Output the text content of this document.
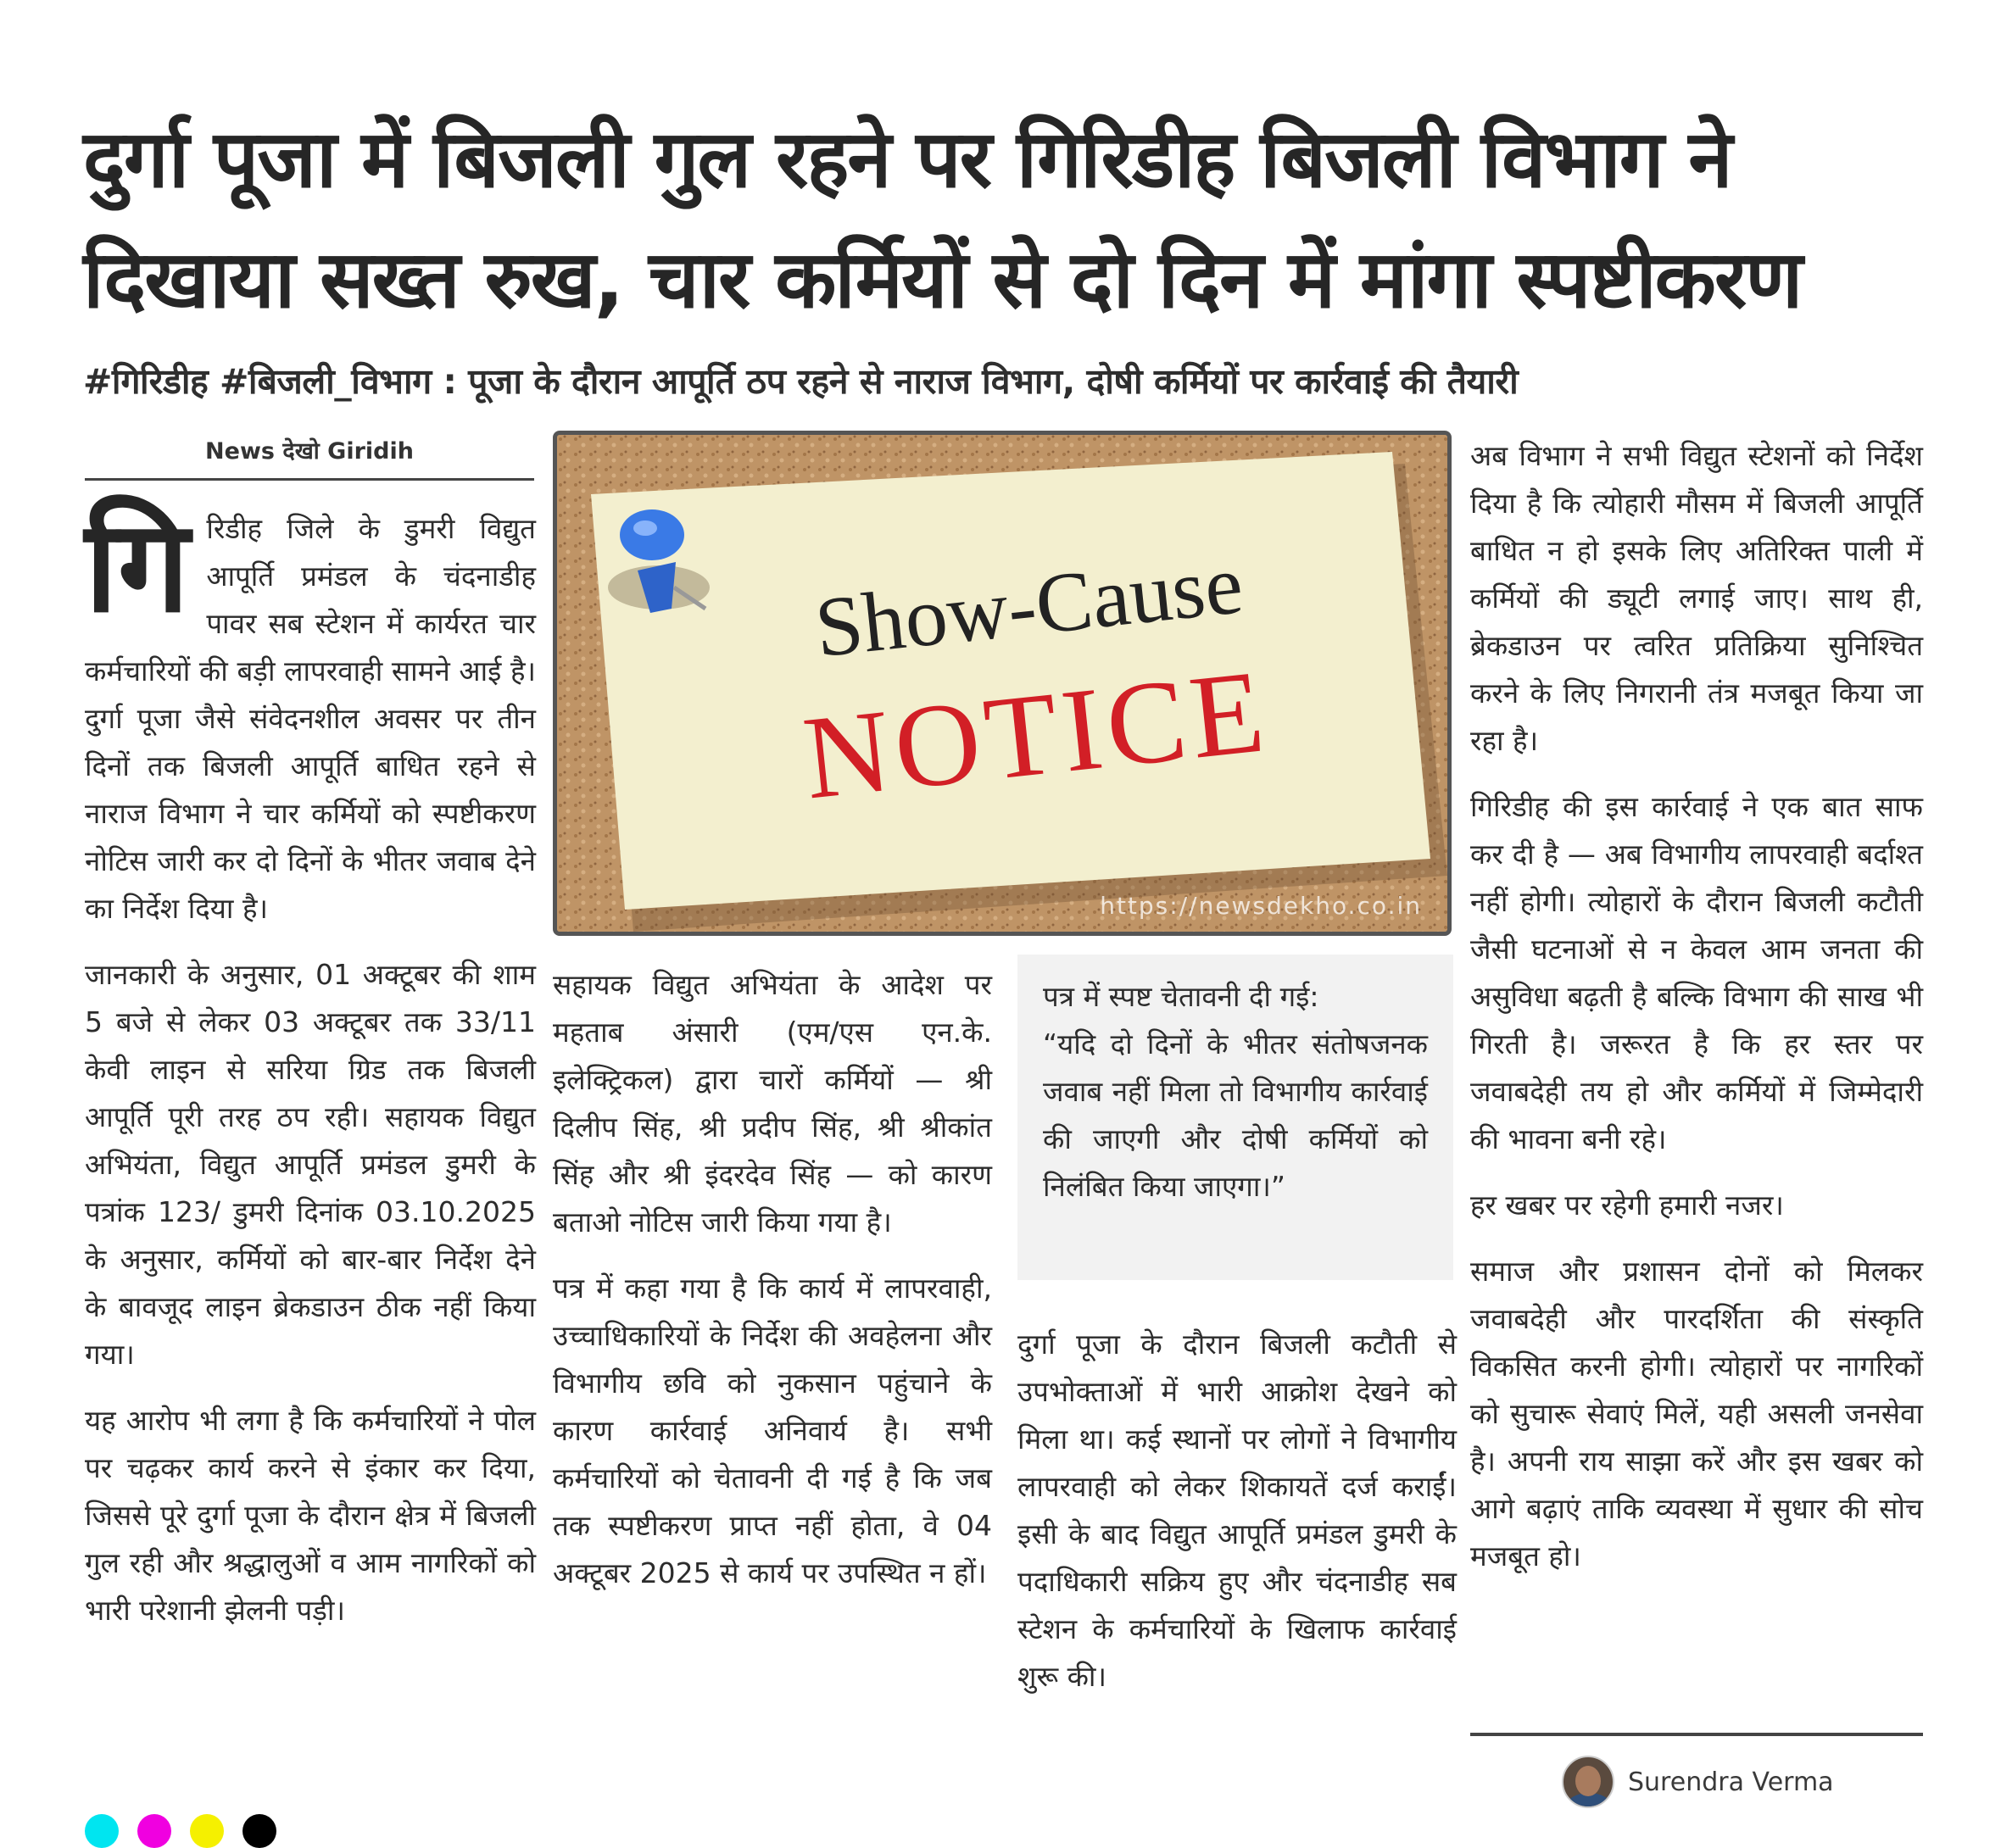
दुर्गा पूजा में बिजली गुल रहने पर गिरिडीह बिजली विभाग ने
दिखाया सख्त रुख, चार कर्मियों से दो दिन में मांगा स्पष्टीकरण
#गिरिडीह #बिजली_विभाग : पूजा के दौरान आपूर्ति ठप रहने से नाराज विभाग, दोषी कर्मियों पर कार्रवाई की तैयारी
News देखो Giridih

गिरिडीह जिले के डुमरी विद्युत आपूर्ति प्रमंडल के चंदनाडीह पावर सब स्टेशन में कार्यरत चार कर्मचारियों की बड़ी लापरवाही सामने आई है। दुर्गा पूजा जैसे संवेदनशील अवसर पर तीन दिनों तक बिजली आपूर्ति बाधित रहने से नाराज विभाग ने चार कर्मियों को स्पष्टीकरण नोटिस जारी कर दो दिनों के भीतर जवाब देने का निर्देश दिया है।

जानकारी के अनुसार, 01 अक्टूबर की शाम 5 बजे से लेकर 03 अक्टूबर तक 33/11 केवी लाइन से सरिया ग्रिड तक बिजली आपूर्ति पूरी तरह ठप रही। सहायक विद्युत अभियंता, विद्युत आपूर्ति प्रमंडल डुमरी के पत्रांक 123/ डुमरी दिनांक 03.10.2025 के अनुसार, कर्मियों को बार-बार निर्देश देने के बावजूद लाइन ब्रेकडाउन ठीक नहीं किया गया।

यह आरोप भी लगा है कि कर्मचारियों ने पोल पर चढ़कर कार्य करने से इंकार कर दिया, जिससे पूरे दुर्गा पूजा के दौरान क्षेत्र में बिजली गुल रही और श्रद्धालुओं व आम नागरिकों को भारी परेशानी झेलनी पड़ी।

Show-Cause
NOTICE
https://newsdekho.co.in

सहायक विद्युत अभियंता के आदेश पर महताब अंसारी (एम/एस एन.के. इलेक्ट्रिकल) द्वारा चारों कर्मियों — श्री दिलीप सिंह, श्री प्रदीप सिंह, श्री श्रीकांत सिंह और श्री इंदरदेव सिंह — को कारण बताओ नोटिस जारी किया गया है।

पत्र में कहा गया है कि कार्य में लापरवाही, उच्चाधिकारियों के निर्देश की अवहेलना और विभागीय छवि को नुकसान पहुंचाने के कारण कार्रवाई अनिवार्य है। सभी कर्मचारियों को चेतावनी दी गई है कि जब तक स्पष्टीकरण प्राप्त नहीं होता, वे 04 अक्टूबर 2025 से कार्य पर उपस्थित न हों।

पत्र में स्पष्ट चेतावनी दी गई:

“यदि दो दिनों के भीतर संतोषजनक जवाब नहीं मिला तो विभागीय कार्रवाई की जाएगी और दोषी कर्मियों को निलंबित किया जाएगा।”

दुर्गा पूजा के दौरान बिजली कटौती से उपभोक्ताओं में भारी आक्रोश देखने को मिला था। कई स्थानों पर लोगों ने विभागीय लापरवाही को लेकर शिकायतें दर्ज कराईं। इसी के बाद विद्युत आपूर्ति प्रमंडल डुमरी के पदाधिकारी सक्रिय हुए और चंदनाडीह सब स्टेशन के कर्मचारियों के खिलाफ कार्रवाई शुरू की।

अब विभाग ने सभी विद्युत स्टेशनों को निर्देश दिया है कि त्योहारी मौसम में बिजली आपूर्ति बाधित न हो इसके लिए अतिरिक्त पाली में कर्मियों की ड्यूटी लगाई जाए। साथ ही, ब्रेकडाउन पर त्वरित प्रतिक्रिया सुनिश्चित करने के लिए निगरानी तंत्र मजबूत किया जा रहा है।

गिरिडीह की इस कार्रवाई ने एक बात साफ कर दी है — अब विभागीय लापरवाही बर्दाश्त नहीं होगी। त्योहारों के दौरान बिजली कटौती जैसी घटनाओं से न केवल आम जनता की असुविधा बढ़ती है बल्कि विभाग की साख भी गिरती है। जरूरत है कि हर स्तर पर जवाबदेही तय हो और कर्मियों में जिम्मेदारी की भावना बनी रहे।

हर खबर पर रहेगी हमारी नजर।

समाज और प्रशासन दोनों को मिलकर जवाबदेही और पारदर्शिता की संस्कृति विकसित करनी होगी। त्योहारों पर नागरिकों को सुचारू सेवाएं मिलें, यही असली जनसेवा है। अपनी राय साझा करें और इस खबर को आगे बढ़ाएं ताकि व्यवस्था में सुधार की सोच मजबूत हो।

Surendra Verma
